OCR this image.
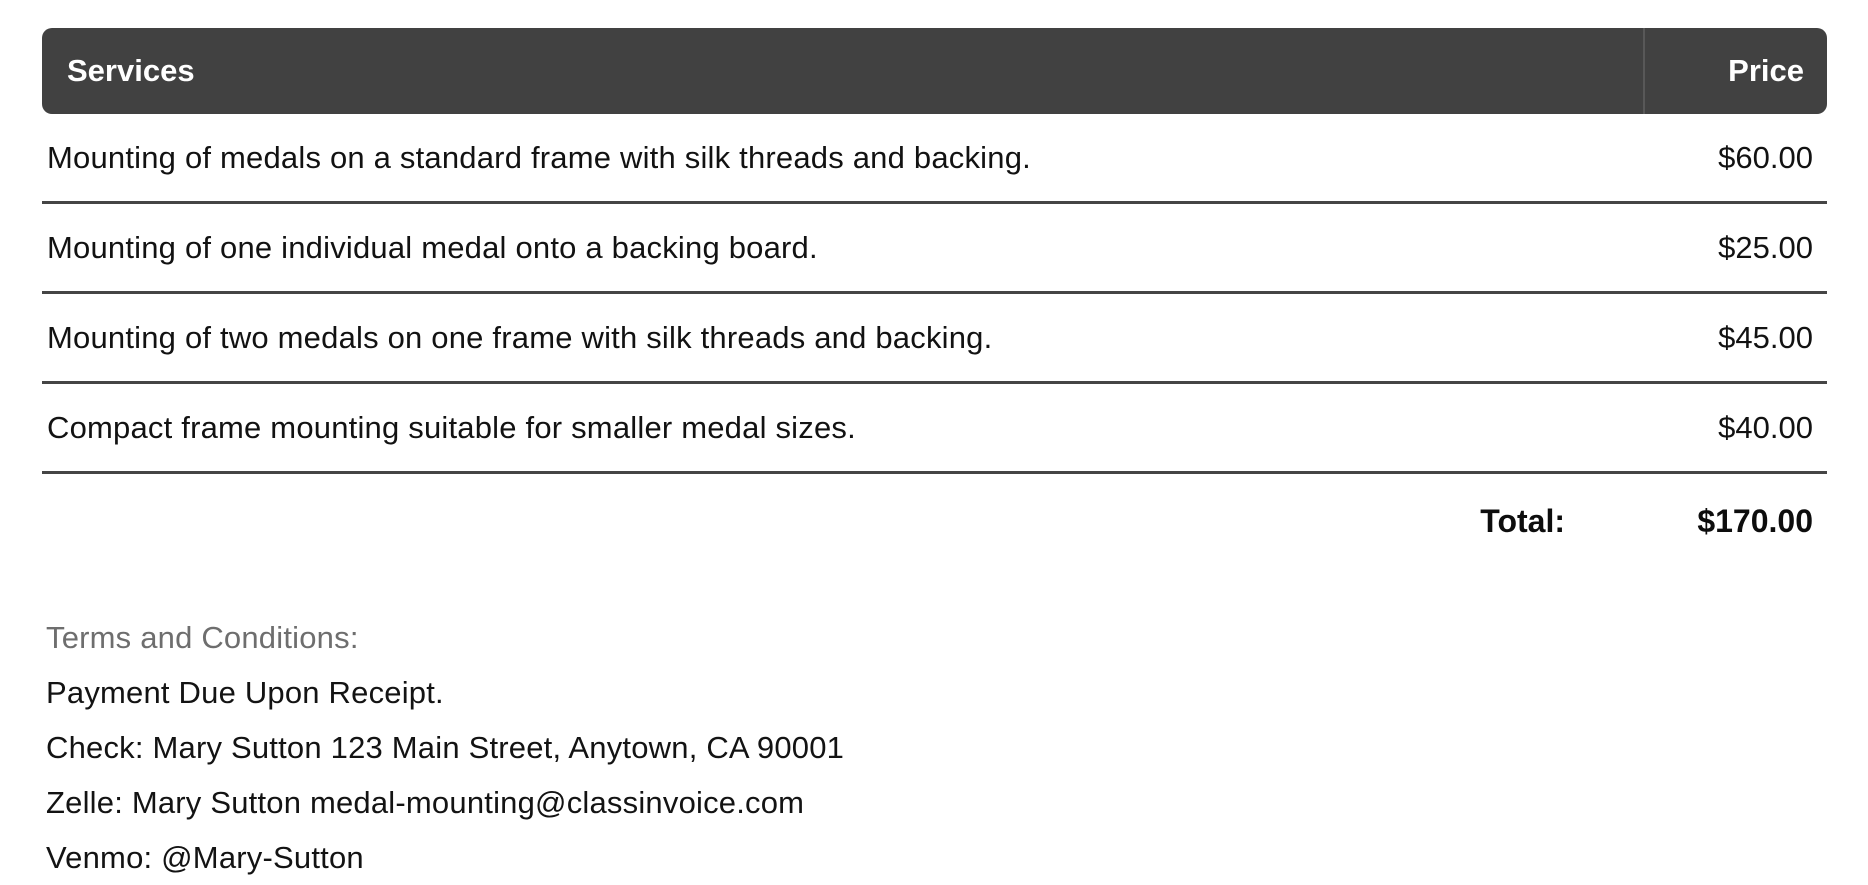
Services	Price
Mounting of medals on a standard frame with silk threads and backing.	$60.00
Mounting of one individual medal onto a backing board.	$25.00
Mounting of two medals on one frame with silk threads and backing.	$45.00
Compact frame mounting suitable for smaller medal sizes.	$40.00
Total:	$170.00
Terms and Conditions:
Payment Due Upon Receipt.
Check: Mary Sutton 123 Main Street, Anytown, CA 90001
Zelle: Mary Sutton medal-mounting@classinvoice.com
Venmo: @Mary-Sutton
